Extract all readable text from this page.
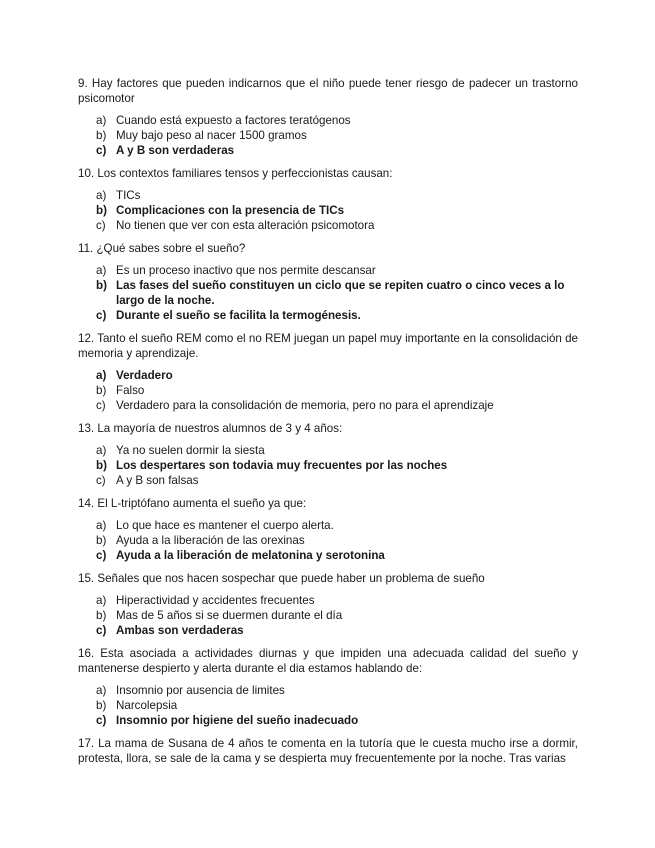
9. Hay factores que pueden indicarnos que el niño puede tener riesgo de padecer un trastorno psicomotor

a) Cuando está expuesto a factores teratógenos
b) Muy bajo peso al nacer 1500 gramos
c) A y B son verdaderas

10. Los contextos familiares tensos y perfeccionistas causan:

a) TICs
b) Complicaciones con la presencia de TICs
c) No tienen que ver con esta alteración psicomotora

11. ¿Qué sabes sobre el sueño?

a) Es un proceso inactivo que nos permite descansar
b) Las fases del sueño constituyen un ciclo que se repiten cuatro o cinco veces a lo largo de la noche.
c) Durante el sueño se facilita la termogénesis.

12. Tanto el sueño REM como el no REM juegan un papel muy importante en la consolidación de memoria y aprendizaje.

a) Verdadero
b) Falso
c) Verdadero para la consolidación de memoria, pero no para el aprendizaje

13. La mayoría de nuestros alumnos de 3 y 4 años:

a) Ya no suelen dormir la siesta
b) Los despertares son todavia muy frecuentes por las noches
c) A y B son falsas

14. El L-triptófano aumenta el sueño ya que:

a) Lo que hace es mantener el cuerpo alerta.
b) Ayuda a la liberación de las orexinas
c) Ayuda a la liberación de melatonina y serotonina

15. Señales que nos hacen sospechar que puede haber un problema de sueño

a) Hiperactividad y accidentes frecuentes
b) Mas de 5 años si se duermen durante el día
c) Ambas son verdaderas

16. Esta asociada a actividades diurnas y que impiden una adecuada calidad del sueño y mantenerse despierto y alerta durante el dia estamos hablando de:

a) Insomnio por ausencia de limites
b) Narcolepsia
c) Insomnio por higiene del sueño inadecuado

17. La mama de Susana de 4 años te comenta en la tutoría que le cuesta mucho irse a dormir, protesta, llora, se sale de la cama y se despierta muy frecuentemente por la noche. Tras varias
